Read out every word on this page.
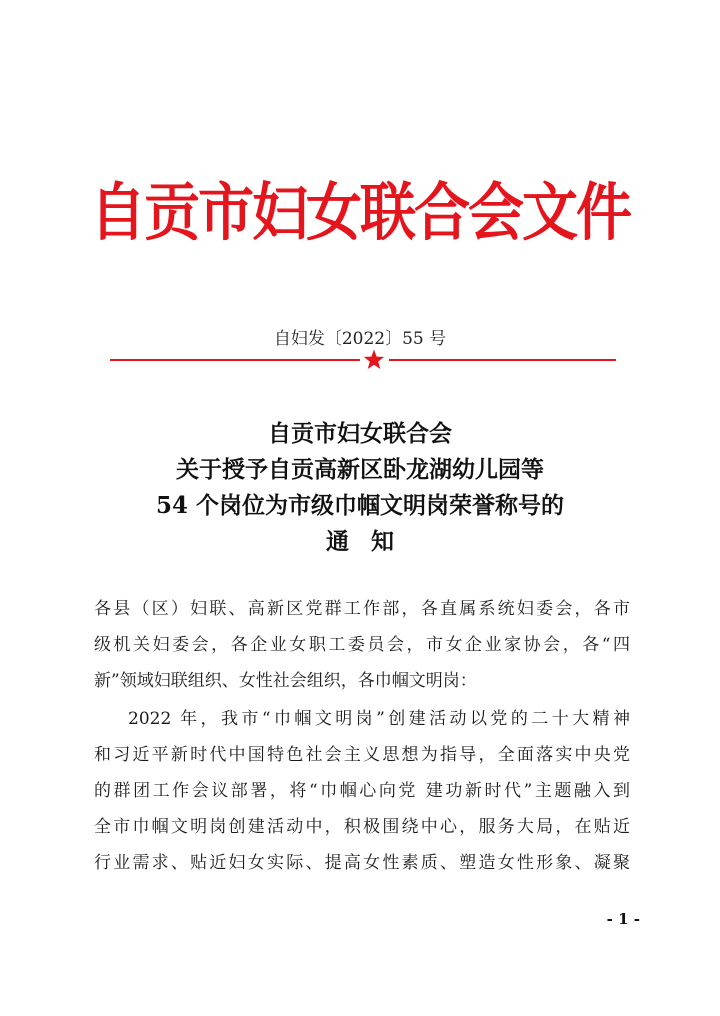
自贡市妇女联合会文件
自妇发〔2022〕55 号
自贡市妇女联合会
关于授予自贡高新区卧龙湖幼儿园等
54 个岗位为市级巾帼文明岗荣誉称号的
通知
各县（区）妇联、高新区党群工作部，各直属系统妇委会，各市
级机关妇委会，各企业女职工委员会，市女企业家协会，各“四
新”领域妇联组织、女性社会组织，各巾帼文明岗：
2022 年，我市“巾帼文明岗”创建活动以党的二十大精神
和习近平新时代中国特色社会主义思想为指导，全面落实中央党
的群团工作会议部署，将“巾帼心向党 建功新时代”主题融入到
全市巾帼文明岗创建活动中，积极围绕中心，服务大局，在贴近
行业需求、贴近妇女实际、提高女性素质、塑造女性形象、凝聚
- 1 -
